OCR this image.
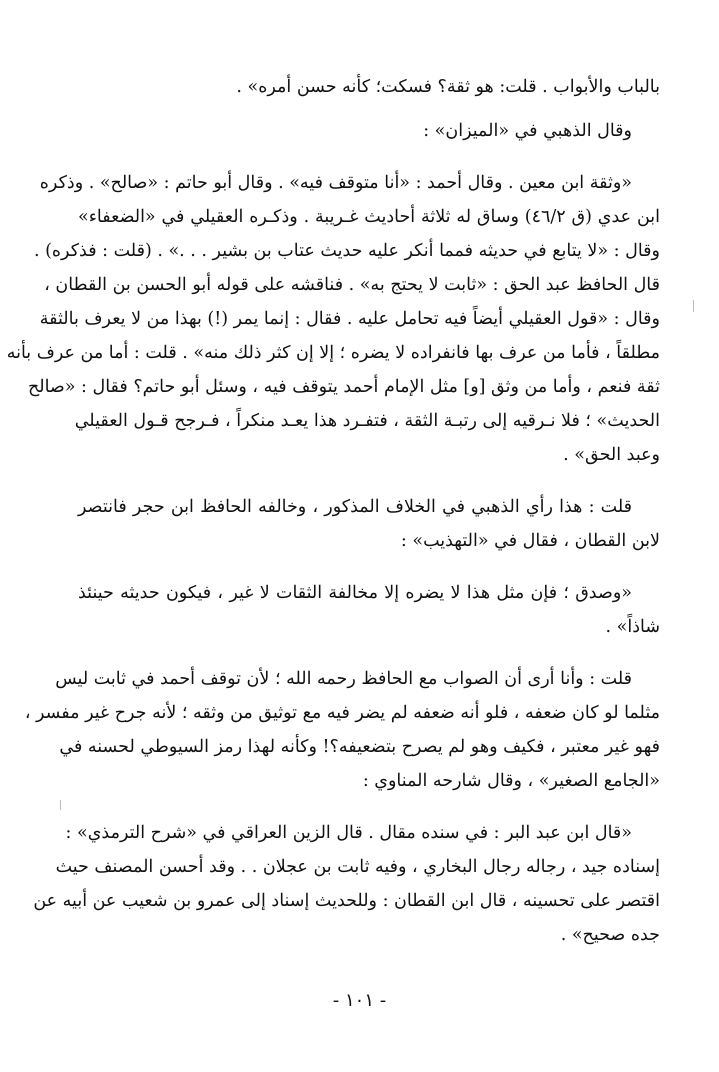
بالباب والأبواب . قلت: هو ثقة؟ فسكت؛ كأنه حسن أمره» .
وقال الذهبي في «الميزان» :
«وثقة ابن معين . وقال أحمد : «أنا متوقف فيه» . وقال أبو حاتم : «صالح» . وذكره
ابن عدي (ق ٤٦/٢) وساق له ثلاثة أحاديث غـريبة . وذكـره العقيلي في «الضعفاء»
وقال : «لا يتابع في حديثه فمما أنكر عليه حديث عتاب بن بشير . . .» . (قلت : فذكره) .
قال الحافظ عبد الحق : «ثابت لا يحتج به» . فناقشه على قوله أبو الحسن بن القطان ،
وقال : «قول العقيلي أيضاً فيه تحامل عليه . فقال : إنما يمر (!) بهذا من لا يعرف بالثقة
مطلقاً ، فأما من عرف بها فانفراده لا يضره ؛ إلا إن كثر ذلك منه» . قلت : أما من عرف بأنه
ثقة فنعم ، وأما من وثق [و] مثل الإمام أحمد يتوقف فيه ، وسئل أبو حاتم؟ فقال : «صالح
الحديث» ؛ فلا نـرقيه إلى رتبـة الثقة ، فتفـرد هذا يعـد منكراً ، فـرجح قـول العقيلي
وعبد الحق» .
قلت : هذا رأي الذهبي في الخلاف المذكور ، وخالفه الحافظ ابن حجر فانتصر
لابن القطان ، فقال في «التهذيب» :
«وصدق ؛ فإن مثل هذا لا يضره إلا مخالفة الثقات لا غير ، فيكون حديثه حينئذ
شاذاً» .
قلت : وأنا أرى أن الصواب مع الحافظ رحمه الله ؛ لأن توقف أحمد في ثابت ليس
مثلما لو كان ضعفه ، فلو أنه ضعفه لم يضر فيه مع توثيق من وثقه ؛ لأنه جرح غير مفسر ،
فهو غير معتبر ، فكيف وهو لم يصرح بتضعيفه؟! وكأنه لهذا رمز السيوطي لحسنه في
«الجامع الصغير» ، وقال شارحه المناوي :
«قال ابن عبد البر : في سنده مقال . قال الزين العراقي في «شرح الترمذي» :
إسناده جيد ، رجاله رجال البخاري ، وفيه ثابت بن عجلان . . وقد أحسن المصنف حيث
اقتصر على تحسينه ، قال ابن القطان : وللحديث إسناد إلى عمرو بن شعيب عن أبيه عن
جده صحيح» .
- ١٠١ -
